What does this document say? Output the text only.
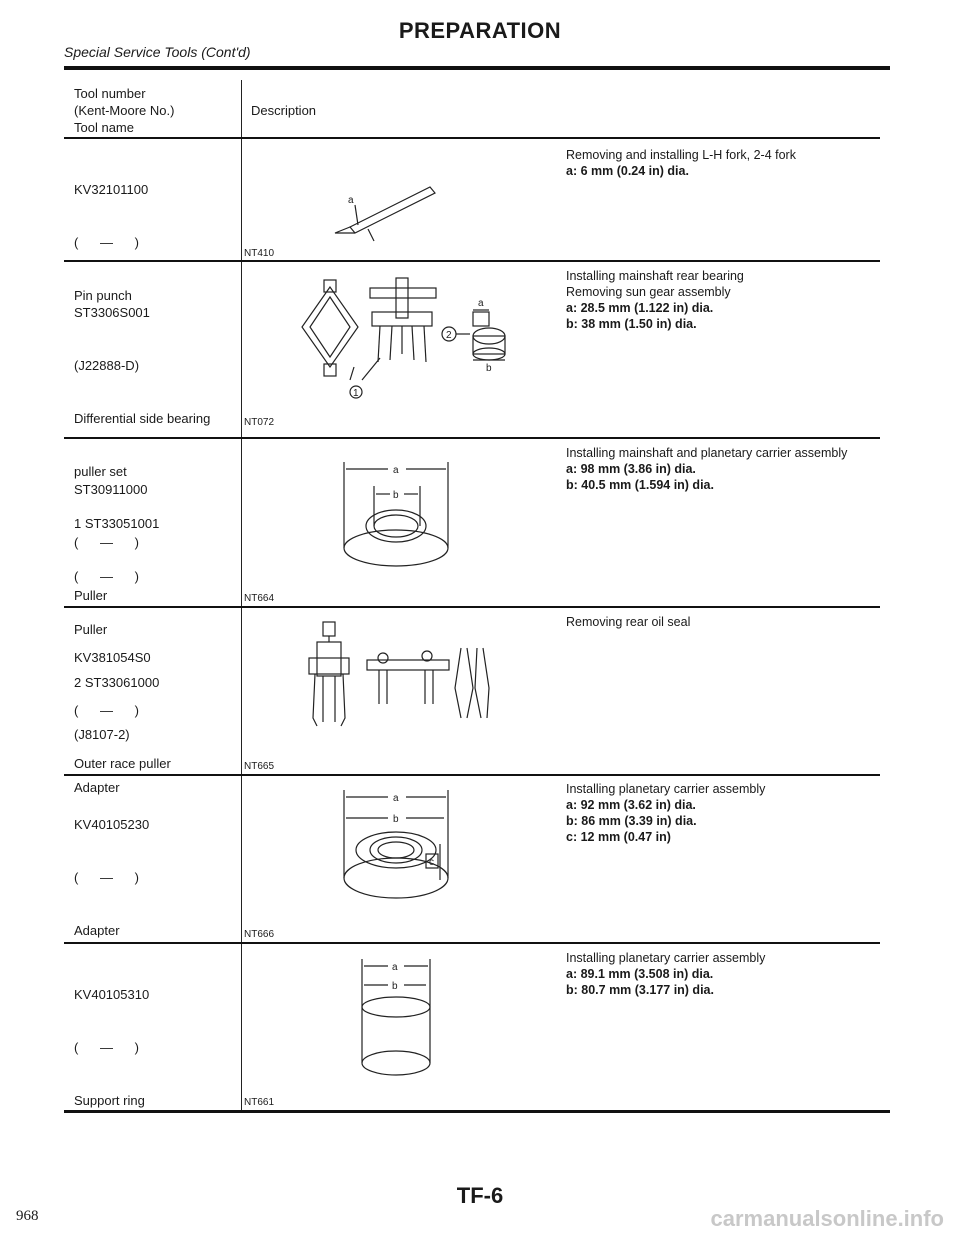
PREPARATION
Special Service Tools (Cont'd)
Tool number
(Kent-Moore No.)
Tool name
Description

KV32101100

(      —      )

Pin punch

Removing and installing L-H fork, 2-4 fork
a: 6 mm (0.24 in) dia.
a
NT410

ST3306S001

(J22888-D)

Differential side bearing

puller set

1 ST33051001

(      —      )

Puller

2 ST33061000

(J8107-2)

Adapter

Installing mainshaft rear bearing
Removing sun gear assembly
a: 28.5 mm (1.122 in) dia.
b: 38 mm (1.50 in) dia.
1
2
a
b
NT072

ST30911000

(      —      )

Puller

Installing mainshaft and planetary carrier assembly
a: 98 mm (3.86 in) dia.
b: 40.5 mm (1.594 in) dia.
a
b
NT664

KV381054S0

(      —      )

Outer race puller

Removing rear oil seal
NT665

KV40105230

(      —      )

Adapter

Installing planetary carrier assembly
a: 92 mm (3.62 in) dia.
b: 86 mm (3.39 in) dia.
c: 12 mm (0.47 in)
a
b
c
NT666

KV40105310

(      —      )

Support ring

Installing planetary carrier assembly
a: 89.1 mm (3.508 in) dia.
b: 80.7 mm (3.177 in) dia.
a
b
NT661
TF-6
968	carmanualsonline.info
